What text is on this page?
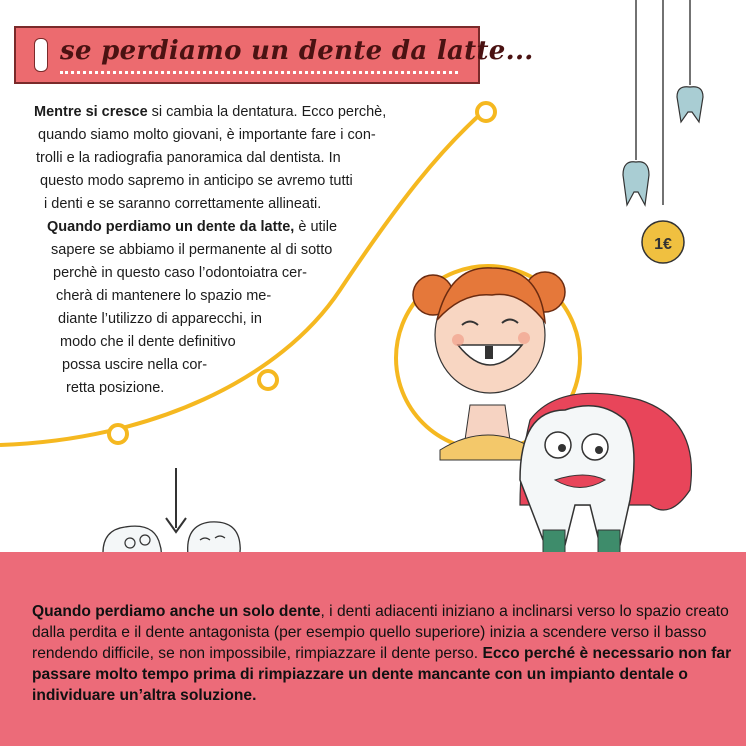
se perdiamo un dente da latte...
1€
Mentre si cresce si cambia la dentatura. Ecco perchè,
quando siamo molto giovani, è importante fare i con-
trolli e la radiografia panoramica dal dentista. In
questo modo sapremo in anticipo se avremo tutti
i denti e se saranno correttamente allineati.
Quando perdiamo un dente da latte, è utile
sapere se abbiamo il permanente al di sotto
perchè in questo caso l’odontoiatra cer-
cherà di mantenere lo spazio me-
diante l’utilizzo di apparecchi, in
modo che il dente definitivo
possa uscire nella cor-
retta posizione.
Quando perdiamo anche un solo dente, i denti adiacenti iniziano a inclinarsi verso lo spazio creato dalla perdita e il dente antagonista (per esempio quello superiore) inizia a scendere verso il basso rendendo difficile, se non impossibile, rimpiazzare il dente perso. Ecco perché è necessario non far passare molto tempo prima di rimpiazzare un dente mancante con un impianto dentale o individuare un’altra soluzione.
